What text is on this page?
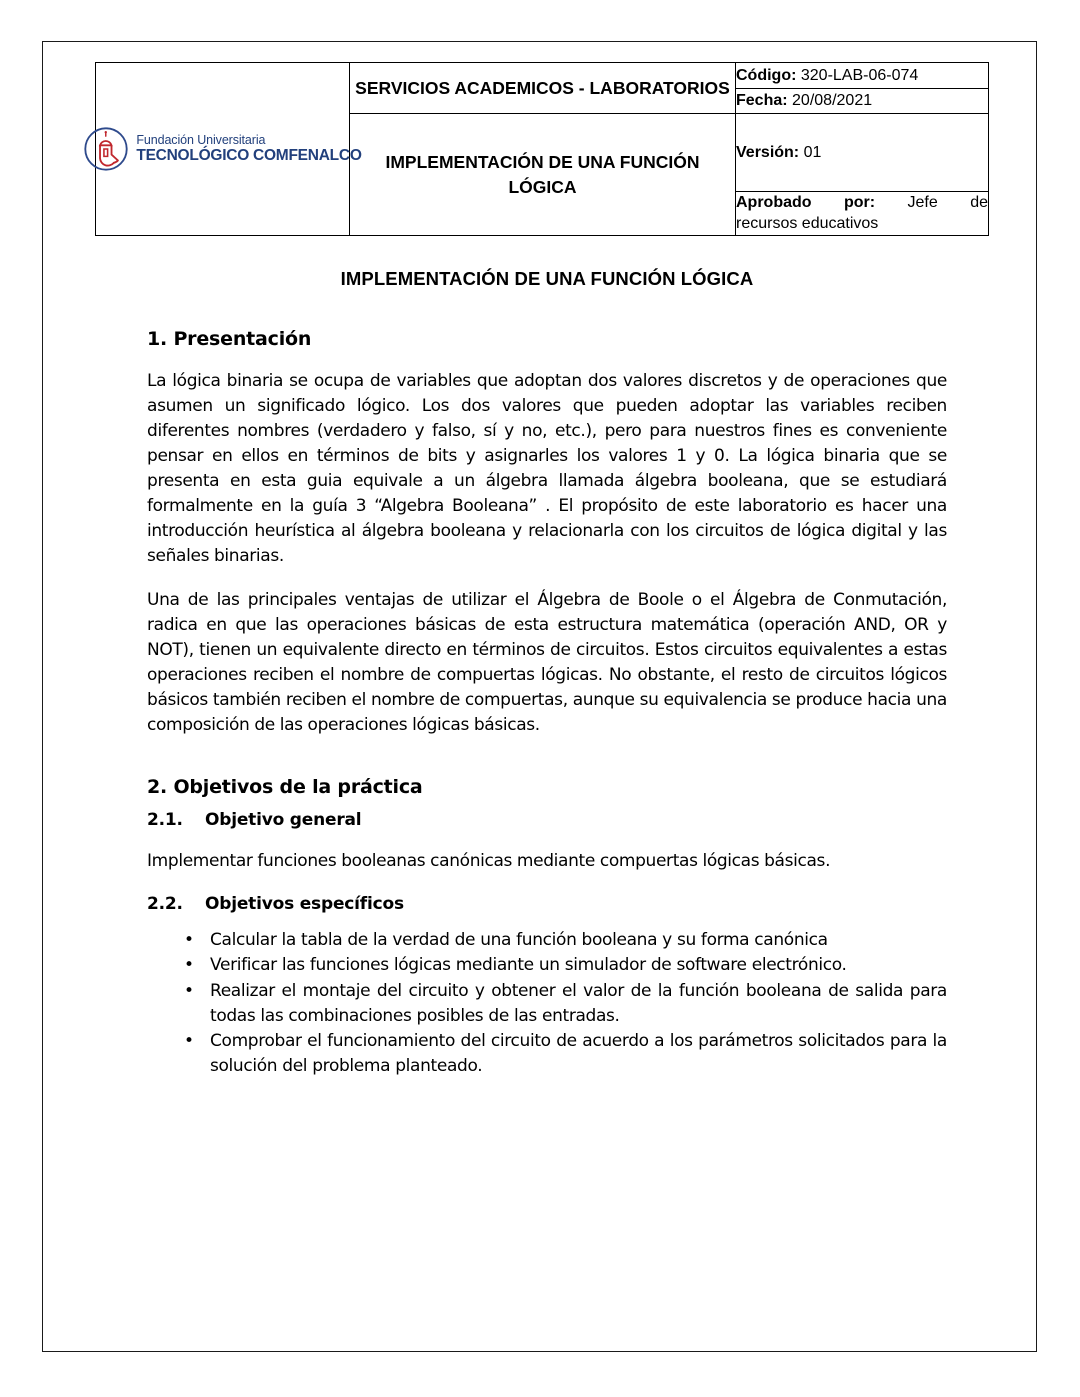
Fundación Universitaria
TECNOLÓGICO COMFENALCO	SERVICIOS ACADEMICOS - LABORATORIOS	Código: 320-LAB-06-074
		Fecha: 20/08/2021
	IMPLEMENTACIÓN DE UNA FUNCIÓN LÓGICA	Versión: 01

		Aprobado por: Jefe de
recursos educativos
IMPLEMENTACIÓN DE UNA FUNCIÓN LÓGICA
1. Presentación

La lógica binaria se ocupa de variables que adoptan dos valores discretos y de operaciones que asumen un significado lógico. Los dos valores que pueden adoptar las variables reciben diferentes nombres (verdadero y falso, sí y no, etc.), pero para nuestros fines es conveniente pensar en ellos en términos de bits y asignarles los valores 1 y 0. La lógica binaria que se presenta en esta guia equivale a un álgebra llamada álgebra booleana, que se estudiará formalmente en la guía 3 “Algebra Booleana” . El propósito de este laboratorio es hacer una introducción heurística al álgebra booleana y relacionarla con los circuitos de lógica digital y las señales binarias.

Una de las principales ventajas de utilizar el Álgebra de Boole o el Álgebra de Conmutación, radica en que las operaciones básicas de esta estructura matemática (operación AND, OR y NOT), tienen un equivalente directo en términos de circuitos. Estos circuitos equivalentes a estas operaciones reciben el nombre de compuertas lógicas. No obstante, el resto de circuitos lógicos básicos también reciben el nombre de compuertas, aunque su equivalencia se produce hacia una composición de las operaciones lógicas básicas.

2. Objetivos de la práctica
2.1. Objetivo general

Implementar funciones booleanas canónicas mediante compuertas lógicas básicas.

2.2. Objetivos específicos
• Calcular la tabla de la verdad de una función booleana y su forma canónica
• Verificar las funciones lógicas mediante un simulador de software electrónico.
• Realizar el montaje del circuito y obtener el valor de la función booleana de salida para todas las combinaciones posibles de las entradas.
• Comprobar el funcionamiento del circuito de acuerdo a los parámetros solicitados para la solución del problema planteado.
